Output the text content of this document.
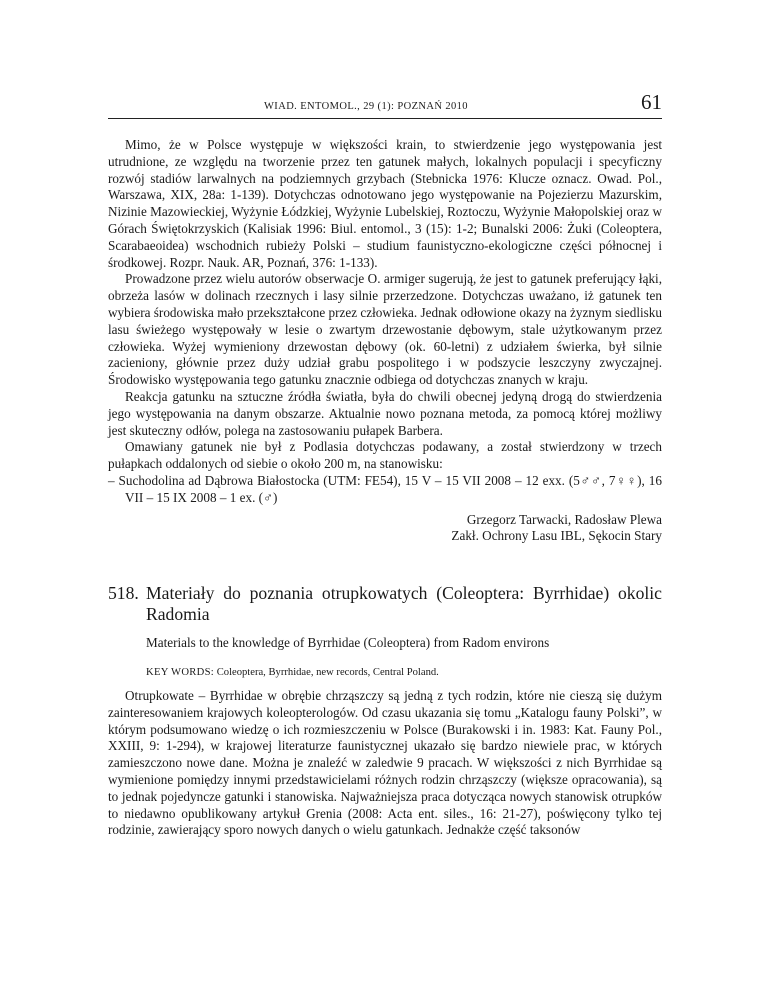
WIAD. ENTOMOL., 29 (1): POZNAŃ 2010	61

Mimo, że w Polsce występuje w większości krain, to stwierdzenie jego występowania jest utrudnione, ze względu na tworzenie przez ten gatunek małych, lokalnych populacji i specyficzny rozwój stadiów larwalnych na podziemnych grzybach (Stebnicka 1976: Klucze oznacz. Owad. Pol., Warszawa, XIX, 28a: 1-139). Dotychczas odnotowano jego występowanie na Pojezierzu Mazurskim, Nizinie Mazowieckiej, Wyżynie Łódzkiej, Wyżynie Lubelskiej, Roztoczu, Wyżynie Małopolskiej oraz w Górach Świętokrzyskich (Kalisiak 1996: Biul. entomol., 3 (15): 1-2; Bunalski 2006: Żuki (Coleoptera, Scarabaeoidea) wschodnich rubieży Polski – studium faunistyczno-ekologiczne części północnej i środkowej. Rozpr. Nauk. AR, Poznań, 376: 1-133).

Prowadzone przez wielu autorów obserwacje O. armiger sugerują, że jest to gatunek preferujący łąki, obrzeża lasów w dolinach rzecznych i lasy silnie przerzedzone. Dotychczas uważano, iż gatunek ten wybiera środowiska mało przekształcone przez człowieka. Jednak odłowione okazy na żyznym siedlisku lasu świeżego występowały w lesie o zwartym drzewostanie dębowym, stale użytkowanym przez człowieka. Wyżej wymieniony drzewostan dębowy (ok. 60-letni) z udziałem świerka, był silnie zacieniony, głównie przez duży udział grabu pospolitego i w podszycie leszczyny zwyczajnej. Środowisko występowania tego gatunku znacznie odbiega od dotychczas znanych w kraju.

Reakcja gatunku na sztuczne źródła światła, była do chwili obecnej jedyną drogą do stwierdzenia jego występowania na danym obszarze. Aktualnie nowo poznana metoda, za pomocą której możliwy jest skuteczny odłów, polega na zastosowaniu pułapek Barbera.

Omawiany gatunek nie był z Podlasia dotychczas podawany, a został stwierdzony w trzech pułapkach oddalonych od siebie o około 200 m, na stanowisku:

– Suchodolina ad Dąbrowa Białostocka (UTM: FE54), 15 V – 15 VII 2008 – 12 exx. (5♂♂, 7♀♀), 16 VII – 15 IX 2008 – 1 ex. (♂)
Grzegorz Tarwacki, Radosław Plewa
Zakł. Ochrony Lasu IBL, Sękocin Stary
518. Materiały do poznania otrupkowatych (Coleoptera: Byrrhidae) okolic Radomia
Materials to the knowledge of Byrrhidae (Coleoptera) from Radom environs
KEY WORDS: Coleoptera, Byrrhidae, new records, Central Poland.

Otrupkowate – Byrrhidae w obrębie chrząszczy są jedną z tych rodzin, które nie cieszą się dużym zainteresowaniem krajowych koleopterologów. Od czasu ukazania się tomu „Katalogu fauny Polski”, w którym podsumowano wiedzę o ich rozmieszczeniu w Polsce (Burakowski i in. 1983: Kat. Fauny Pol., XXIII, 9: 1-294), w krajowej literaturze faunistycznej ukazało się bardzo niewiele prac, w których zamieszczono nowe dane. Można je znaleźć w zaledwie 9 pracach. W większości z nich Byrrhidae są wymienione pomiędzy innymi przedstawicielami różnych rodzin chrząszczy (większe opracowania), są to jednak pojedyncze gatunki i stanowiska. Najważniejsza praca dotycząca nowych stanowisk otrupków to niedawno opublikowany artykuł Grenia (2008: Acta ent. siles., 16: 21-27), poświęcony tylko tej rodzinie, zawierający sporo nowych danych o wielu gatunkach. Jednakże część taksonów
